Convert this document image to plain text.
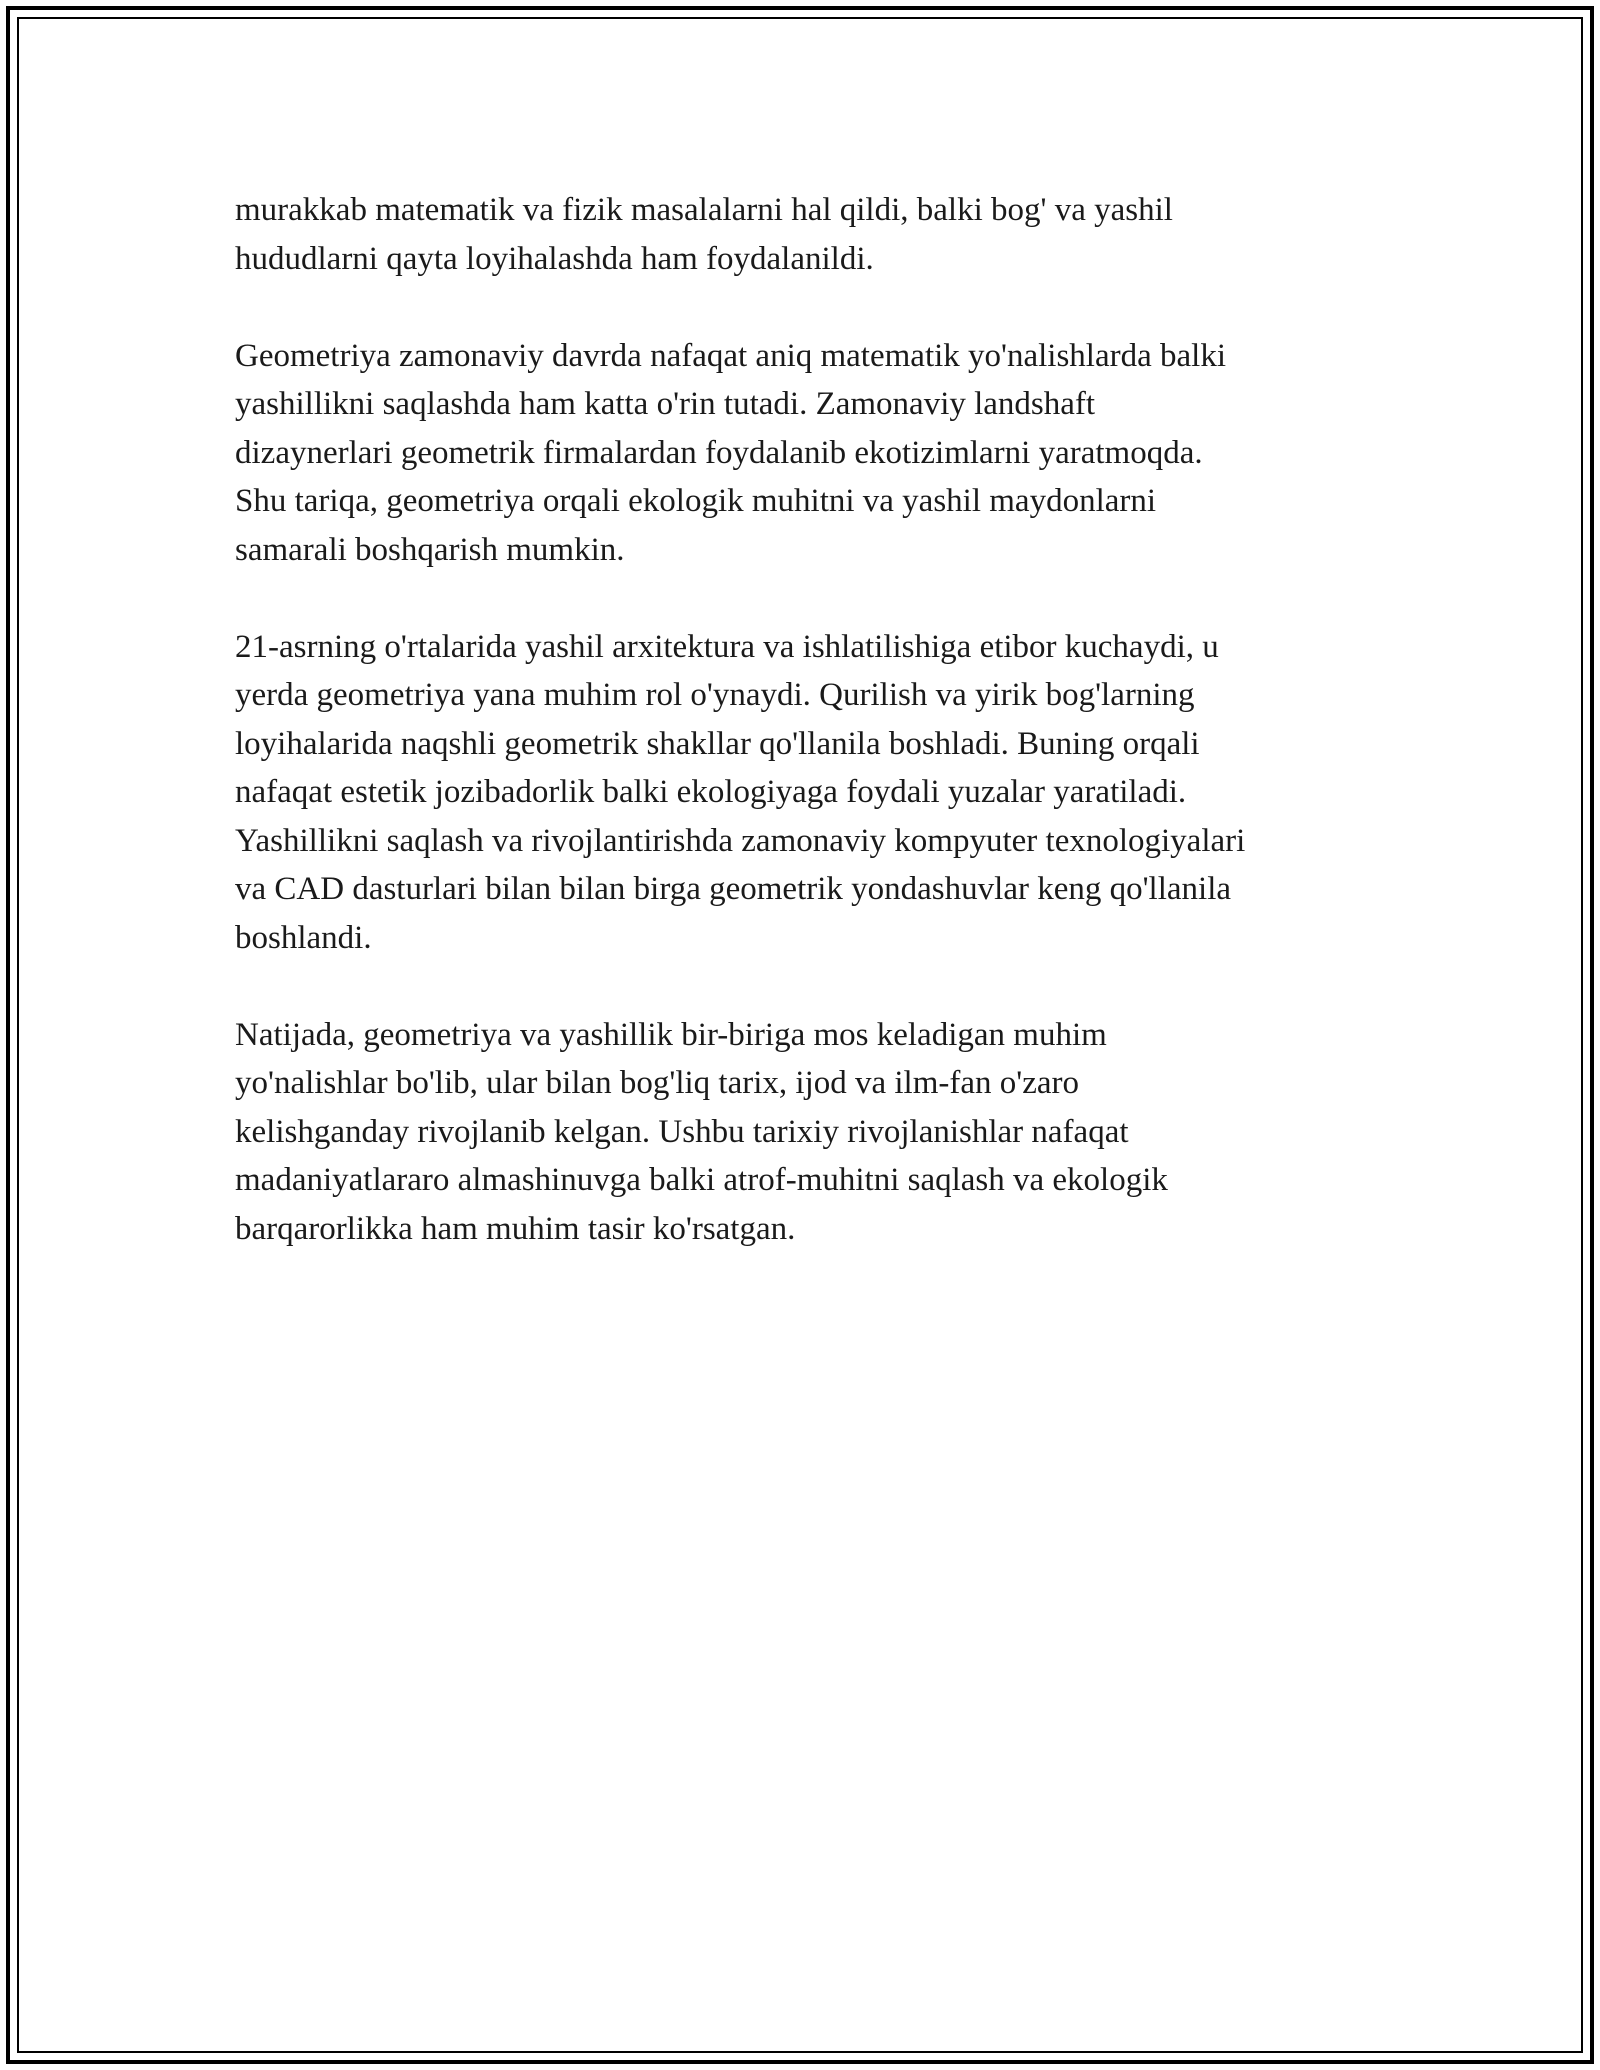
murakkab matematik va fizik masalalarni hal qildi, balki bog' va yashil
hududlarni qayta loyihalashda ham foydalanildi.

Geometriya zamonaviy davrda nafaqat aniq matematik yo'nalishlarda balki
yashillikni saqlashda ham katta o'rin tutadi. Zamonaviy landshaft
dizaynerlari geometrik firmalardan foydalanib ekotizimlarni yaratmoqda.
Shu tariqa, geometriya orqali ekologik muhitni va yashil maydonlarni
samarali boshqarish mumkin.

21-asrning o'rtalarida yashil arxitektura va ishlatilishiga etibor kuchaydi, u
yerda geometriya yana muhim rol o'ynaydi. Qurilish va yirik bog'larning
loyihalarida naqshli geometrik shakllar qo'llanila boshladi. Buning orqali
nafaqat estetik jozibadorlik balki ekologiyaga foydali yuzalar yaratiladi.
Yashillikni saqlash va rivojlantirishda zamonaviy kompyuter texnologiyalari
va CAD dasturlari bilan bilan birga geometrik yondashuvlar keng qo'llanila
boshlandi.

Natijada, geometriya va yashillik bir-biriga mos keladigan muhim
yo'nalishlar bo'lib, ular bilan bog'liq tarix, ijod va ilm-fan o'zaro
kelishganday rivojlanib kelgan. Ushbu tarixiy rivojlanishlar nafaqat
madaniyatlararo almashinuvga balki atrof-muhitni saqlash va ekologik
barqarorlikka ham muhim tasir ko'rsatgan.
